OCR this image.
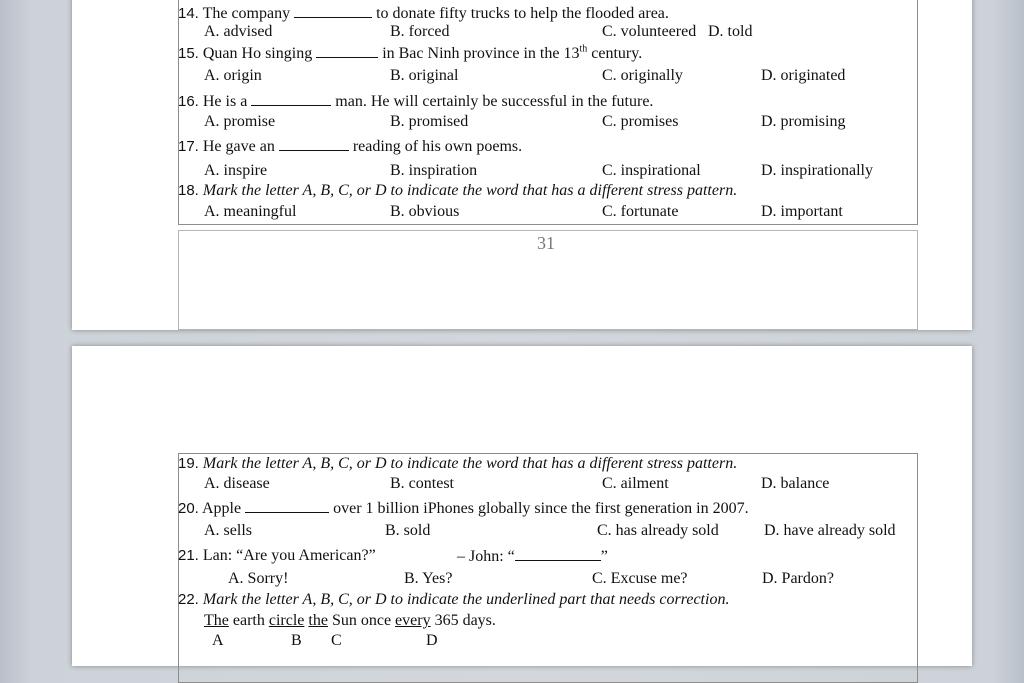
14. The company	to donate fifty trucks to help the flooded area.
A. advised	B. forced	C. volunteered D. told
15. Quan Ho singing	in Bac Ninh province in the 13th century.
A. origin	B. original	C. originally	D. originated
16. He is a	man. He will certainly be successful in the future.
A. promise	B. promised	C. promises	D. promising
17. He gave an	reading of his own poems.
A. inspire	B. inspiration	C. inspirational	D. inspirationally
18. Mark the letter A, B, C, or D to indicate the word that has a different stress pattern.
A. meaningful	B. obvious	C. fortunate	D. important
31
19. Mark the letter A, B, C, or D to indicate the word that has a different stress pattern.
A. disease	B. contest	C. ailment	D. balance
20. Apple	over 1 billion iPhones globally since the first generation in 2007.
A. sells	B. sold	C. has already sold	D. have already sold
21. Lan: “Are you American?”	– John: “	”
A. Sorry!	B. Yes?	C. Excuse me?	D. Pardon?
22. Mark the letter A, B, C, or D to indicate the underlined part that needs correction.
The earth circle the Sun once every 365 days.
A	B C	D
